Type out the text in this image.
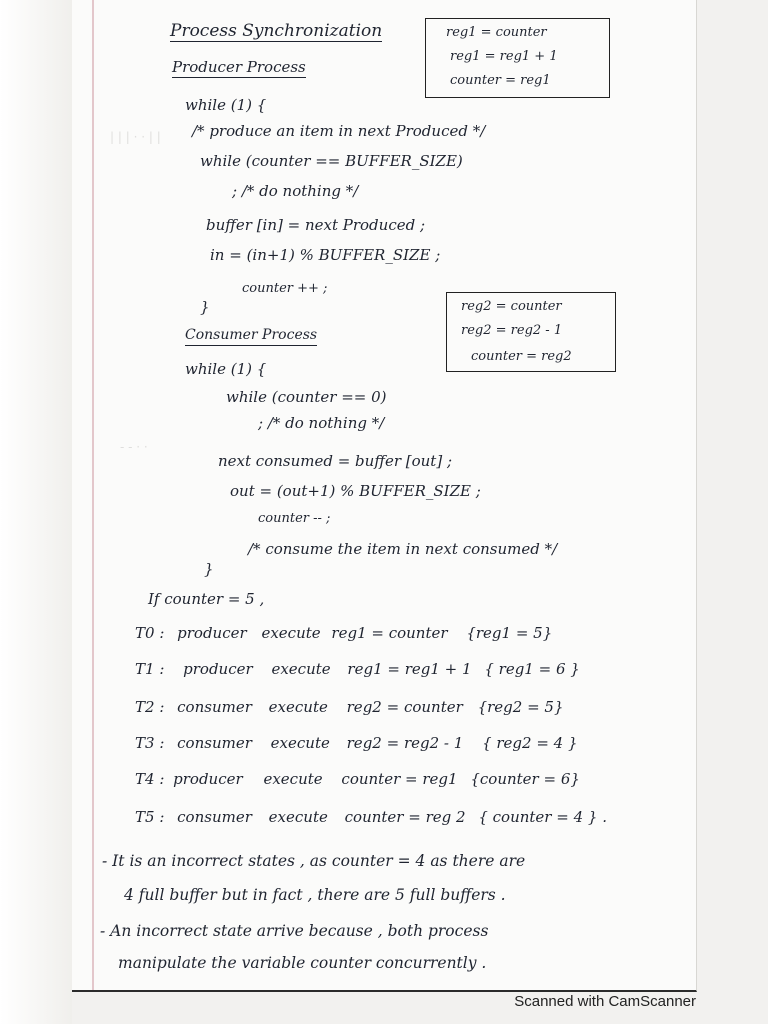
| | | · · | |
- - · ·
Process Synchronization
Producer Process
reg1 = counter
reg1 = reg1 + 1
counter = reg1
while (1) {
/* produce an item in next Produced */
while (counter == BUFFER_SIZE)
; /* do nothing */
buffer [in] = next Produced ;
in = (in+1) % BUFFER_SIZE ;
counter ++ ;
}
Consumer Process
reg2 = counter
reg2 = reg2 - 1
counter = reg2
while (1) {
while (counter == 0)
; /* do nothing */
next consumed = buffer [out] ;
out = (out+1) % BUFFER_SIZE ;
counter -- ;
/* consume the item in next consumed */
}
If counter = 5 ,
T0 : producer execute reg1 = counter {reg1 = 5}
T1 : producer execute reg1 = reg1 + 1 { reg1 = 6 }
T2 : consumer execute reg2 = counter {reg2 = 5}
T3 : consumer execute reg2 = reg2 - 1 { reg2 = 4 }
T4 : producer execute counter = reg1 {counter = 6}
T5 : consumer execute counter = reg 2 { counter = 4 } .
- It is an incorrect states , as counter = 4 as there are
4 full buffer but in fact , there are 5 full buffers .
- An incorrect state arrive because , both process
manipulate the variable counter concurrently .
Scanned with CamScanner
